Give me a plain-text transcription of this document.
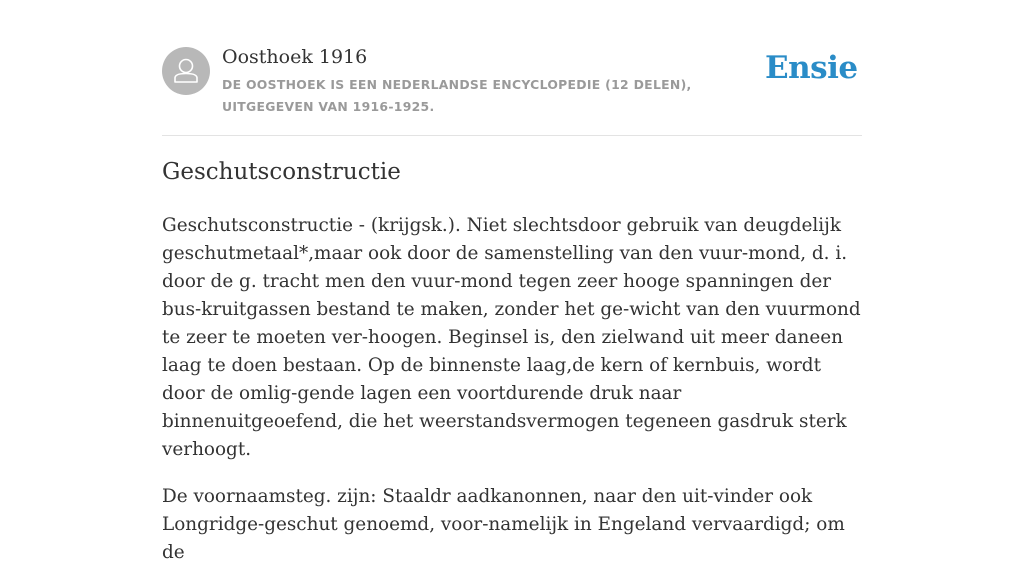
Oosthoek 1916
DE OOSTHOEK IS EEN NEDERLANDSE ENCYCLOPEDIE (12 DELEN), UITGEGEVEN VAN 1916-1925.
Ensie
Geschutsconstructie

Geschutsconstructie - (krijgsk.). Niet slechtsdoor gebruik van deugdelijk geschutmetaal*,maar ook door de samenstelling van den vuur-mond, d. i. door de g. tracht men den vuur-mond tegen zeer hooge spanningen der bus-kruitgassen bestand te maken, zonder het ge-wicht van den vuurmond te zeer te moeten ver-hoogen. Beginsel is, den zielwand uit meer daneen laag te doen bestaan. Op de binnenste laag,de kern of kernbuis, wordt door de omlig-gende lagen een voortdurende druk naar binnenuitgeoefend, die het weerstandsvermogen tegeneen gasdruk sterk verhoogt.

De voornaamsteg. zijn: Staaldr aadkanonnen, naar den uit-vinder ook Longridge-geschut genoemd, voor-namelijk in Engeland vervaardigd; om de
